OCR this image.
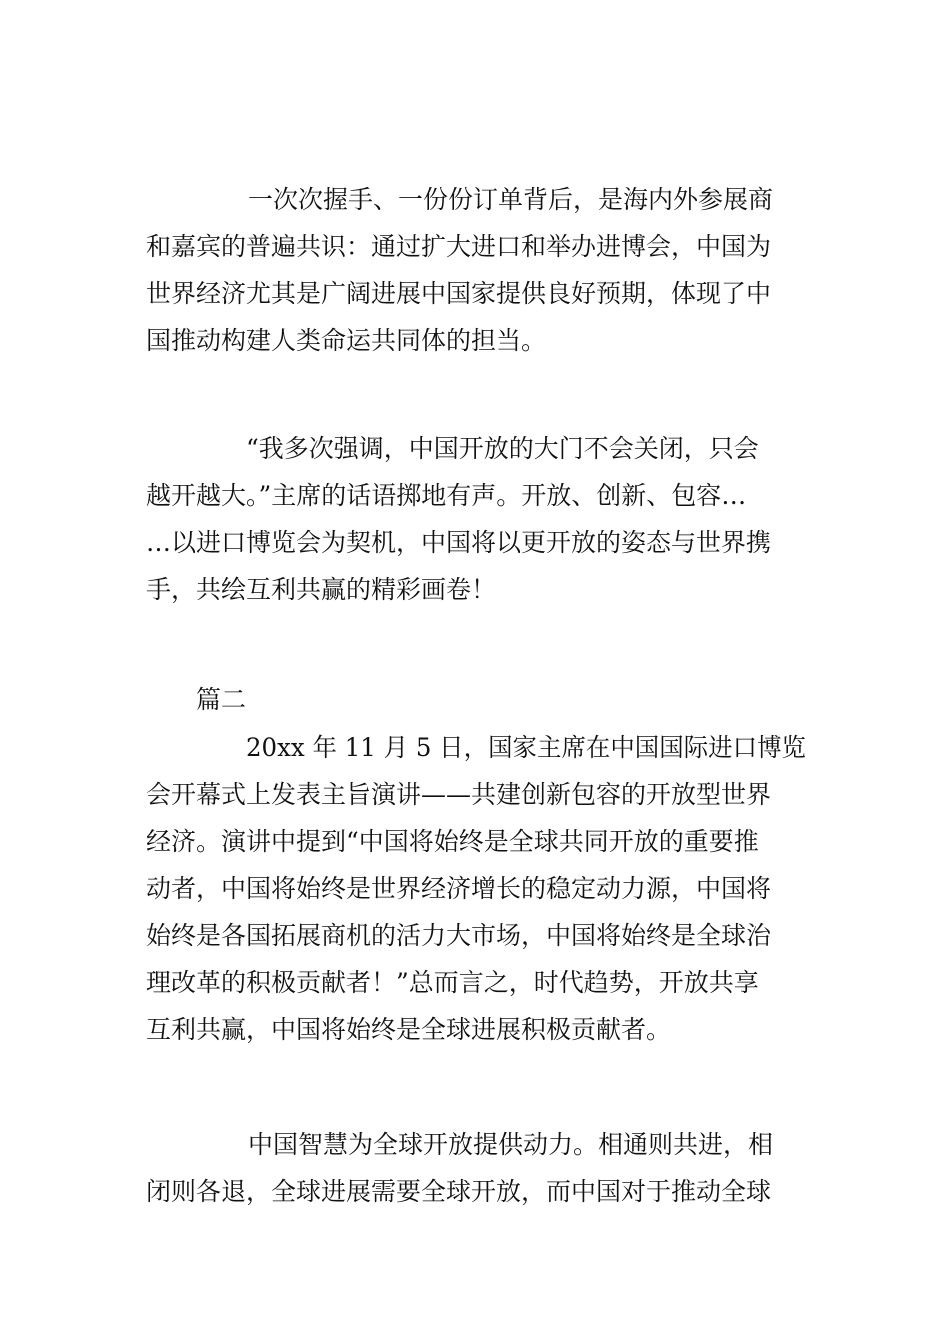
一次次握手、一份份订单背后，是海内外参展商
和嘉宾的普遍共识：通过扩大进口和举办进博会，中国为
世界经济尤其是广阔进展中国家提供良好预期，体现了中
国推动构建人类命运共同体的担当。
“我多次强调，中国开放的大门不会关闭，只会
越开越大。”主席的话语掷地有声。开放、创新、包容…
…以进口博览会为契机，中国将以更开放的姿态与世界携
手，共绘互利共赢的精彩画卷！
篇二
20xx 年 11 月 5 日，国家主席在中国国际进口博览
会开幕式上发表主旨演讲——共建创新包容的开放型世界
经济。演讲中提到“中国将始终是全球共同开放的重要推
动者，中国将始终是世界经济增长的稳定动力源，中国将
始终是各国拓展商机的活力大市场，中国将始终是全球治
理改革的积极贡献者！”总而言之，时代趋势，开放共享
互利共赢，中国将始终是全球进展积极贡献者。
中国智慧为全球开放提供动力。相通则共进，相
闭则各退，全球进展需要全球开放，而中国对于推动全球
